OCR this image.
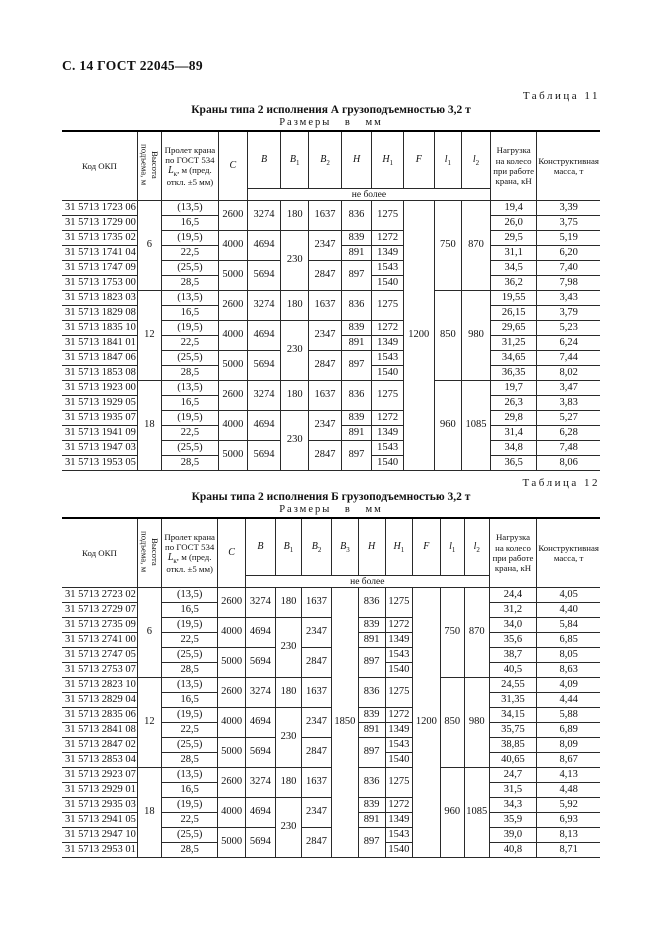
С. 14 ГОСТ 22045—89
Таблица 11
Краны типа 2 исполнения А грузоподъемностью 3,2 т
Размеры в мм
Код ОКП	Высота подъема, м	Пролет крана по ГОСТ 534 $L_к$, м (пред. откл. ±5 мм)	C	B	$B_1$	$B_2$	H	$H_1$	F	$l_1$	$l_2$	Нагрузка на колесо при работе крана, кН	Конструктивная масса, т
				не более									
31 5713 1723 06	6	(13,5)	2600	3274	180	1637	836	1275	1200	750	870	19,4	3,39
31 5713 1729 00		16,5										26,0	3,75
31 5713 1735 02		(19,5)	4000	4694	230	2347	839	1272				29,5	5,19
31 5713 1741 04		22,5					891	1349				31,1	6,20
31 5713 1747 09		(25,5)	5000	5694		2847	897	1543				34,5	7,40
31 5713 1753 00		28,5						1540				36,2	7,98
31 5713 1823 03	12	(13,5)	2600	3274	180	1637	836	1275		850	980	19,55	3,43
31 5713 1829 08		16,5										26,15	3,79
31 5713 1835 10		(19,5)	4000	4694	230	2347	839	1272				29,65	5,23
31 5713 1841 01		22,5					891	1349				31,25	6,24
31 5713 1847 06		(25,5)	5000	5694		2847	897	1543				34,65	7,44
31 5713 1853 08		28,5						1540				36,35	8,02
31 5713 1923 00	18	(13,5)	2600	3274	180	1637	836	1275		960	1085	19,7	3,47
31 5713 1929 05		16,5										26,3	3,83
31 5713 1935 07		(19,5)	4000	4694	230	2347	839	1272				29,8	5,27
31 5713 1941 09		22,5					891	1349				31,4	6,28
31 5713 1947 03		(25,5)	5000	5694		2847	897	1543				34,8	7,48
31 5713 1953 05		28,5						1540				36,5	8,06
Таблица 12
Краны типа 2 исполнения Б грузоподъемностью 3,2 т
Размеры в мм
Код ОКП	Высота подъема, м	Пролет крана по ГОСТ 534 $L_к$, м (пред. откл. ±5 мм)	C	B	$B_1$	$B_2$	$B_3$	H	$H_1$	F	$l_1$	$l_2$	Нагрузка на колесо при работе крана, кН	Конструктивная масса, т
				не более										
31 5713 2723 02	6	(13,5)	2600	3274	180	1637	1850	836	1275	1200	750	870	24,4	4,05
31 5713 2729 07		16,5											31,2	4,40
31 5713 2735 09		(19,5)	4000	4694	230	2347		839	1272				34,0	5,84
31 5713 2741 00		22,5						891	1349				35,6	6,85
31 5713 2747 05		(25,5)	5000	5694		2847		897	1543				38,7	8,05
31 5713 2753 07		28,5							1540				40,5	8,63
31 5713 2823 10	12	(13,5)	2600	3274	180	1637		836	1275		850	980	24,55	4,09
31 5713 2829 04		16,5											31,35	4,44
31 5713 2835 06		(19,5)	4000	4694	230	2347		839	1272				34,15	5,88
31 5713 2841 08		22,5						891	1349				35,75	6,89
31 5713 2847 02		(25,5)	5000	5694		2847		897	1543				38,85	8,09
31 5713 2853 04		28,5							1540				40,65	8,67
31 5713 2923 07	18	(13,5)	2600	3274	180	1637		836	1275		960	1085	24,7	4,13
31 5713 2929 01		16,5											31,5	4,48
31 5713 2935 03		(19,5)	4000	4694	230	2347		839	1272				34,3	5,92
31 5713 2941 05		22,5						891	1349				35,9	6,93
31 5713 2947 10		(25,5)	5000	5694		2847		897	1543				39,0	8,13
31 5713 2953 01		28,5							1540				40,8	8,71
